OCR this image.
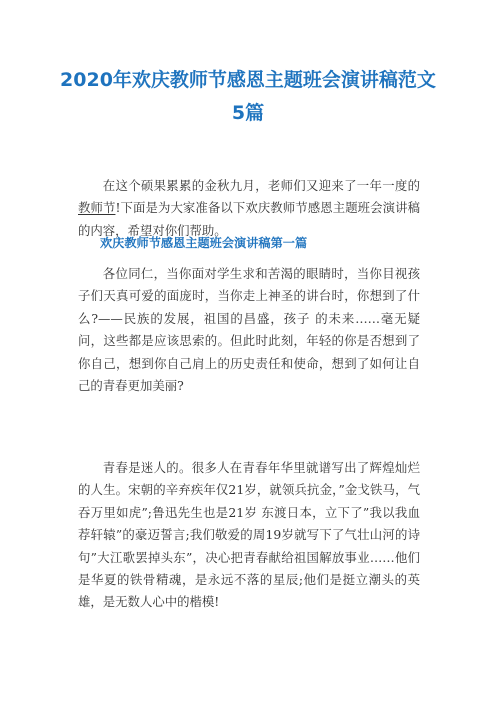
2020年欢庆教师节感恩主题班会演讲稿范文5篇

在这个硕果累累的金秋九月，老师们又迎来了一年一度的教师节!下面是为大家准备以下欢庆教师节感恩主题班会演讲稿的内容，希望对你们帮助。

欢庆教师节感恩主题班会演讲稿第一篇

各位同仁，当你面对学生求和苦渴的眼睛时，当你目视孩子们天真可爱的面庞时，当你走上神圣的讲台时，你想到了什么?——民族的发展，祖国的昌盛，孩子 的未来……毫无疑问，这些都是应该思索的。但此时此刻，年轻的你是否想到了你自己，想到你自己肩上的历史责任和使命，想到了如何让自己的青春更加美丽?

青春是迷人的。很多人在青春年华里就谱写出了辉煌灿烂的人生。宋朝的辛弃疾年仅21岁，就领兵抗金，”金戈铁马，气吞万里如虎”;鲁迅先生也是21岁 东渡日本，立下了”我以我血荐轩辕”的豪迈誓言;我们敬爱的周19岁就写下了气壮山河的诗句”大江歌罢掉头东”，决心把青春献给祖国解放事业……他们 是华夏的铁骨精魂，是永远不落的星辰;他们是挺立潮头的英雄，是无数人心中的楷模!
